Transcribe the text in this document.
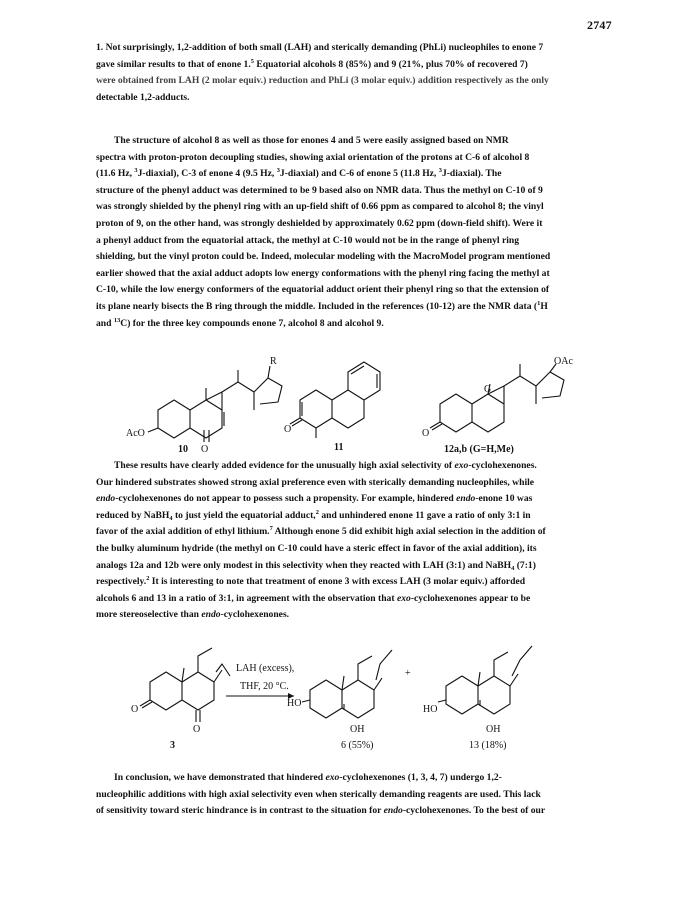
2747
1. Not surprisingly, 1,2-addition of both small (LAH) and sterically demanding (PhLi) nucleophiles to enone 7
gave similar results to that of enone 1.$^5$ Equatorial alcohols 8 (85%) and 9 (21%, plus 70% of recovered 7)
were obtained from LAH (2 molar equiv.) reduction and PhLi (3 molar equiv.) addition respectively as the only
detectable 1,2-adducts.
The structure of alcohol 8 as well as those for enones 4 and 5 were easily assigned based on NMR
spectra with proton-proton decoupling studies, showing axial orientation of the protons at C-6 of alcohol 8
(11.6 Hz, $^3$J-diaxial), C-3 of enone 4 (9.5 Hz, $^3$J-diaxial) and C-6 of enone 5 (11.8 Hz, $^3$J-diaxial). The
structure of the phenyl adduct was determined to be 9 based also on NMR data. Thus the methyl on C-10 of 9
was strongly shielded by the phenyl ring with an up-field shift of 0.66 ppm as compared to alcohol 8; the vinyl
proton of 9, on the other hand, was strongly deshielded by approximately 0.62 ppm (down-field shift). Were it
a phenyl adduct from the equatorial attack, the methyl at C-10 would not be in the range of phenyl ring
shielding, but the vinyl proton could be. Indeed, molecular modeling with the MacroModel program mentioned
earlier showed that the axial adduct adopts low energy conformations with the phenyl ring facing the methyl at
C-10, while the low energy conformers of the equatorial adduct orient their phenyl ring so that the extension of
its plane nearly bisects the B ring through the middle. Included in the references (10-12) are the NMR data ($^1$H
and $^{13}$C) for the three key compounds enone 7, alcohol 8 and alcohol 9.
R
AcO
O
10
O
11
OAc
G
O
12a,b (G=H,Me)
These results have clearly added evidence for the unusually high axial selectivity of exo-cyclohexenones.
Our hindered substrates showed strong axial preference even with sterically demanding nucleophiles, while
endo-cyclohexenones do not appear to possess such a propensity. For example, hindered endo-enone 10 was
reduced by NaBH$_4$ to just yield the equatorial adduct,$^2$ and unhindered enone 11 gave a ratio of only 3:1 in
favor of the axial addition of ethyl lithium.$^7$ Although enone 5 did exhibit high axial selection in the addition of
the bulky aluminum hydride (the methyl on C-10 could have a steric effect in favor of the axial addition), its
analogs 12a and 12b were only modest in this selectivity when they reacted with LAH (3:1) and NaBH$_4$ (7:1)
respectively.$^2$ It is interesting to note that treatment of enone 3 with excess LAH (3 molar equiv.) afforded
alcohols 6 and 13 in a ratio of 3:1, in agreement with the observation that exo-cyclohexenones appear to be
more stereoselective than endo-cyclohexenones.
O
O
3
LAH (excess),
THF, 20 °C.
HO
OH
6 (55%)
+
HO
OH
13 (18%)
In conclusion, we have demonstrated that hindered exo-cyclohexenones (1, 3, 4, 7) undergo 1,2-
nucleophilic additions with high axial selectivity even when sterically demanding reagents are used. This lack
of sensitivity toward steric hindrance is in contrast to the situation for endo-cyclohexenones. To the best of our
